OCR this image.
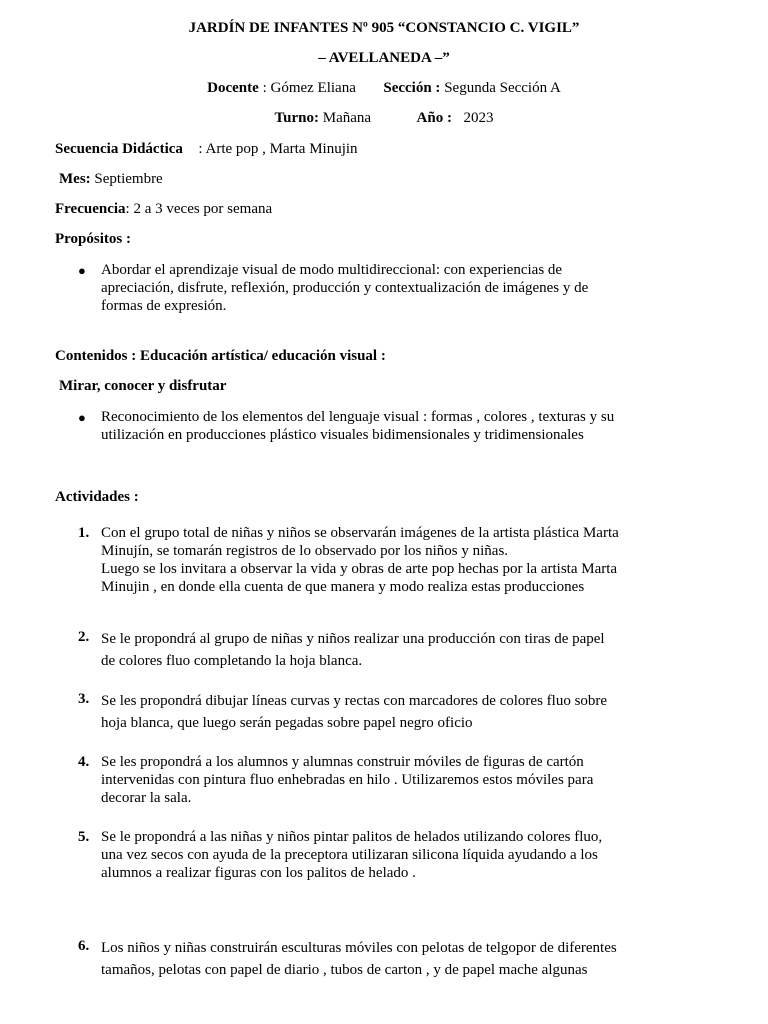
JARDÍN DE INFANTES Nº 905 “CONSTANCIO C. VIGIL”
– AVELLANEDA –”
Docente : Gómez Eliana Sección : Segunda Sección A
Turno: Mañana	Año : 2023
Secuencia Didáctica : Arte pop , Marta Minujin
Mes: Septiembre
Frecuencia: 2 a 3 veces por semana
Propósitos :
● Abordar el aprendizaje visual de modo multidireccional: con experiencias de
apreciación, disfrute, reflexión, producción y contextualización de imágenes y de
formas de expresión.
Contenidos : Educación artística/ educación visual :
Mirar, conocer y disfrutar
● Reconocimiento de los elementos del lenguaje visual : formas , colores , texturas y su
utilización en producciones plástico visuales bidimensionales y tridimensionales
Actividades :
1. Con el grupo total de niñas y niños se observarán imágenes de la artista plástica Marta
Minujín, se tomarán registros de lo observado por los niños y niñas.
Luego se los invitara a observar la vida y obras de arte pop hechas por la artista Marta
Minujin , en donde ella cuenta de que manera y modo realiza estas producciones
2. Se le propondrá al grupo de niñas y niños realizar una producción con tiras de papel
de colores fluo completando la hoja blanca.
3. Se les propondrá dibujar líneas curvas y rectas con marcadores de colores fluo sobre
hoja blanca, que luego serán pegadas sobre papel negro oficio
4. Se les propondrá a los alumnos y alumnas construir móviles de figuras de cartón
intervenidas con pintura fluo enhebradas en hilo . Utilizaremos estos móviles para
decorar la sala.
5. Se le propondrá a las niñas y niños pintar palitos de helados utilizando colores fluo,
una vez secos con ayuda de la preceptora utilizaran silicona líquida ayudando a los
alumnos a realizar figuras con los palitos de helado .
6. Los niños y niñas construirán esculturas móviles con pelotas de telgopor de diferentes
tamaños, pelotas con papel de diario , tubos de carton , y de papel mache algunas
